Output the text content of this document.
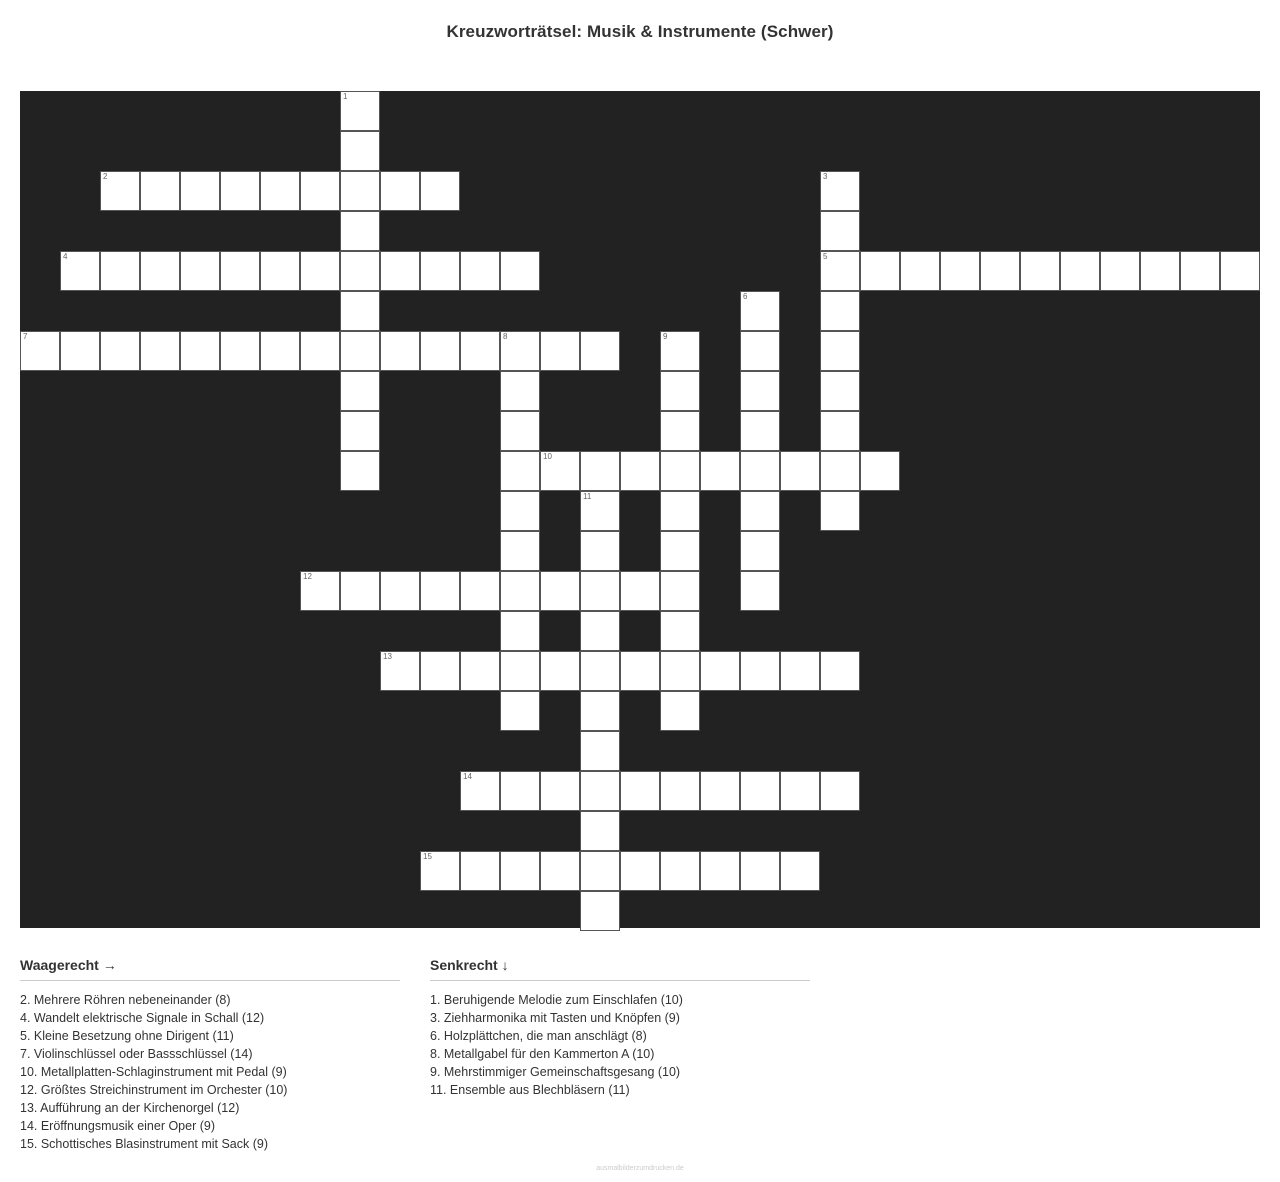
Kreuzworträtsel: Musik & Instrumente (Schwer)
1
2	3
4	5
6
7	8	9
10
11
12
13
14
15
Waagerecht →
2. Mehrere Röhren nebeneinander (8)
4. Wandelt elektrische Signale in Schall (12)
5. Kleine Besetzung ohne Dirigent (11)
7. Violinschlüssel oder Bassschlüssel (14)
10. Metallplatten-Schlaginstrument mit Pedal (9)
12. Größtes Streichinstrument im Orchester (10)
13. Aufführung an der Kirchenorgel (12)
14. Eröffnungsmusik einer Oper (9)
15. Schottisches Blasinstrument mit Sack (9)
Senkrecht ↓
1. Beruhigende Melodie zum Einschlafen (10)
3. Ziehharmonika mit Tasten und Knöpfen (9)
6. Holzplättchen, die man anschlägt (8)
8. Metallgabel für den Kammerton A (10)
9. Mehrstimmiger Gemeinschaftsgesang (10)
11. Ensemble aus Blechbläsern (11)
ausmalbilderzumdrucken.de
